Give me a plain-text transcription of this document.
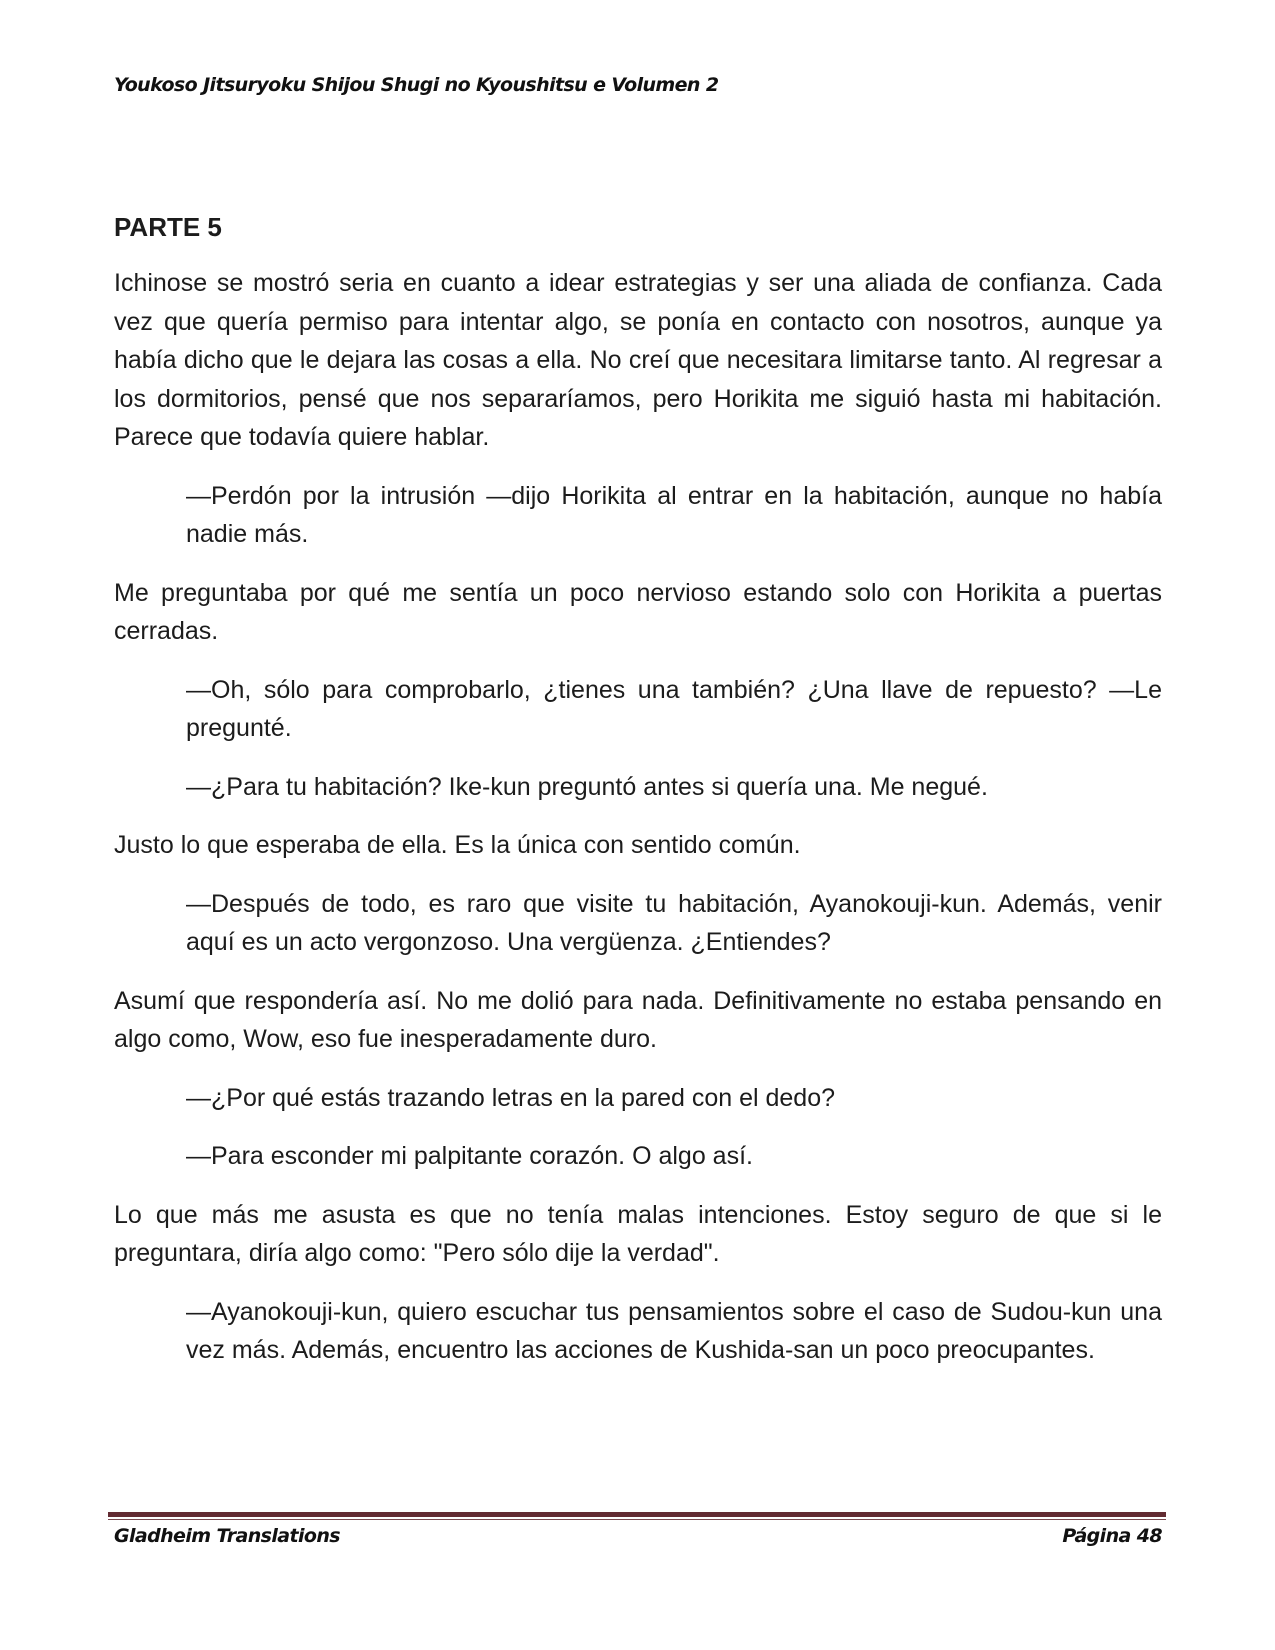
Youkoso Jitsuryoku Shijou Shugi no Kyoushitsu e Volumen 2
PARTE 5

Ichinose se mostró seria en cuanto a idear estrategias y ser una aliada de confianza. Cada vez que quería permiso para intentar algo, se ponía en contacto con nosotros, aunque ya había dicho que le dejara las cosas a ella. No creí que necesitara limitarse tanto. Al regresar a los dormitorios, pensé que nos separaríamos, pero Horikita me siguió hasta mi habitación. Parece que todavía quiere hablar.

—Perdón por la intrusión —dijo Horikita al entrar en la habitación, aunque no había nadie más.

Me preguntaba por qué me sentía un poco nervioso estando solo con Horikita a puertas cerradas.

—Oh, sólo para comprobarlo, ¿tienes una también? ¿Una llave de repuesto? —Le pregunté.

—¿Para tu habitación? Ike-kun preguntó antes si quería una. Me negué.

Justo lo que esperaba de ella. Es la única con sentido común.

—Después de todo, es raro que visite tu habitación, Ayanokouji-kun. Además, venir aquí es un acto vergonzoso. Una vergüenza. ¿Entiendes?

Asumí que respondería así. No me dolió para nada. Definitivamente no estaba pensando en algo como, Wow, eso fue inesperadamente duro.

—¿Por qué estás trazando letras en la pared con el dedo?

—Para esconder mi palpitante corazón. O algo así.

Lo que más me asusta es que no tenía malas intenciones. Estoy seguro de que si le preguntara, diría algo como: "Pero sólo dije la verdad".

—Ayanokouji-kun, quiero escuchar tus pensamientos sobre el caso de Sudou-kun una vez más. Además, encuentro las acciones de Kushida-san un poco preocupantes.

Gladheim Translations	Página 48
